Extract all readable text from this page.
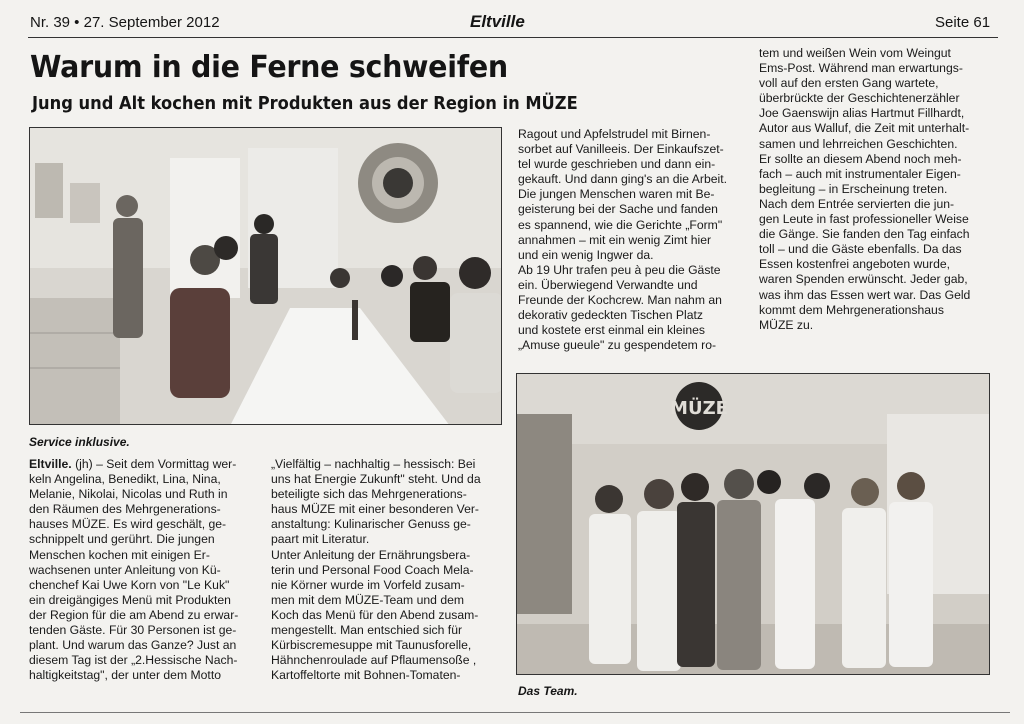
Nr. 39 • 27. September 2012	Eltville	Seite 61
Warum in die Ferne schweifen
Jung und Alt kochen mit Produkten aus der Region in MÜZE
Service inklusive.
Eltville. (jh) – Seit dem Vormittag wer-
keln Angelina, Benedikt, Lina, Nina,
Melanie, Nikolai, Nicolas und Ruth in
den Räumen des Mehrgenerations-
hauses MÜZE. Es wird geschält, ge-
schnippelt und gerührt. Die jungen
Menschen kochen mit einigen Er-
wachsenen unter Anleitung von Kü-
chenchef Kai Uwe Korn von "Le Kuk"
ein dreigängiges Menü mit Produkten
der Region für die am Abend zu erwar-
tenden Gäste. Für 30 Personen ist ge-
plant. Und warum das Ganze? Just an
diesem Tag ist der „2.Hessische Nach-
haltigkeitstag", der unter dem Motto
„Vielfältig – nachhaltig – hessisch: Bei
uns hat Energie Zukunft" steht. Und da
beteiligte sich das Mehrgenerations-
haus MÜZE mit einer besonderen Ver-
anstaltung: Kulinarischer Genuss ge-
paart mit Literatur.
Unter Anleitung der Ernährungsbera-
terin und Personal Food Coach Mela-
nie Körner wurde im Vorfeld zusam-
men mit dem MÜZE-Team und dem
Koch das Menü für den Abend zusam-
mengestellt. Man entschied sich für
Kürbiscremesuppe mit Taunusforelle,
Hähnchenroulade auf Pflaumensoße ,
Kartoffeltorte mit Bohnen-Tomaten-
Ragout und Apfelstrudel mit Birnen-
sorbet auf Vanilleeis. Der Einkaufszet-
tel wurde geschrieben und dann ein-
gekauft. Und dann ging's an die Arbeit.
Die jungen Menschen waren mit Be-
geisterung bei der Sache und fanden
es spannend, wie die Gerichte „Form"
annahmen – mit ein wenig Zimt hier
und ein wenig Ingwer da.
Ab 19 Uhr trafen peu à peu die Gäste
ein. Überwiegend Verwandte und
Freunde der Kochcrew. Man nahm an
dekorativ gedeckten Tischen Platz
und kostete erst einmal ein kleines
„Amuse gueule" zu gespendetem ro-
tem und weißen Wein vom Weingut
Ems-Post. Während man erwartungs-
voll auf den ersten Gang wartete,
überbrückte der Geschichtenerzähler
Joe Gaenswijn alias Hartmut Fillhardt,
Autor aus Walluf, die Zeit mit unterhalt-
samen und lehrreichen Geschichten.
Er sollte an diesem Abend noch meh-
fach – auch mit instrumentaler Eigen-
begleitung – in Erscheinung treten.
Nach dem Entrée servierten die jun-
gen Leute in fast professioneller Weise
die Gänge. Sie fanden den Tag einfach
toll – und die Gäste ebenfalls. Da das
Essen kostenfrei angeboten wurde,
waren Spenden erwünscht. Jeder gab,
was ihm das Essen wert war. Das Geld
kommt dem Mehrgenerationshaus
MÜZE zu.
MÜZE
Das Team.
